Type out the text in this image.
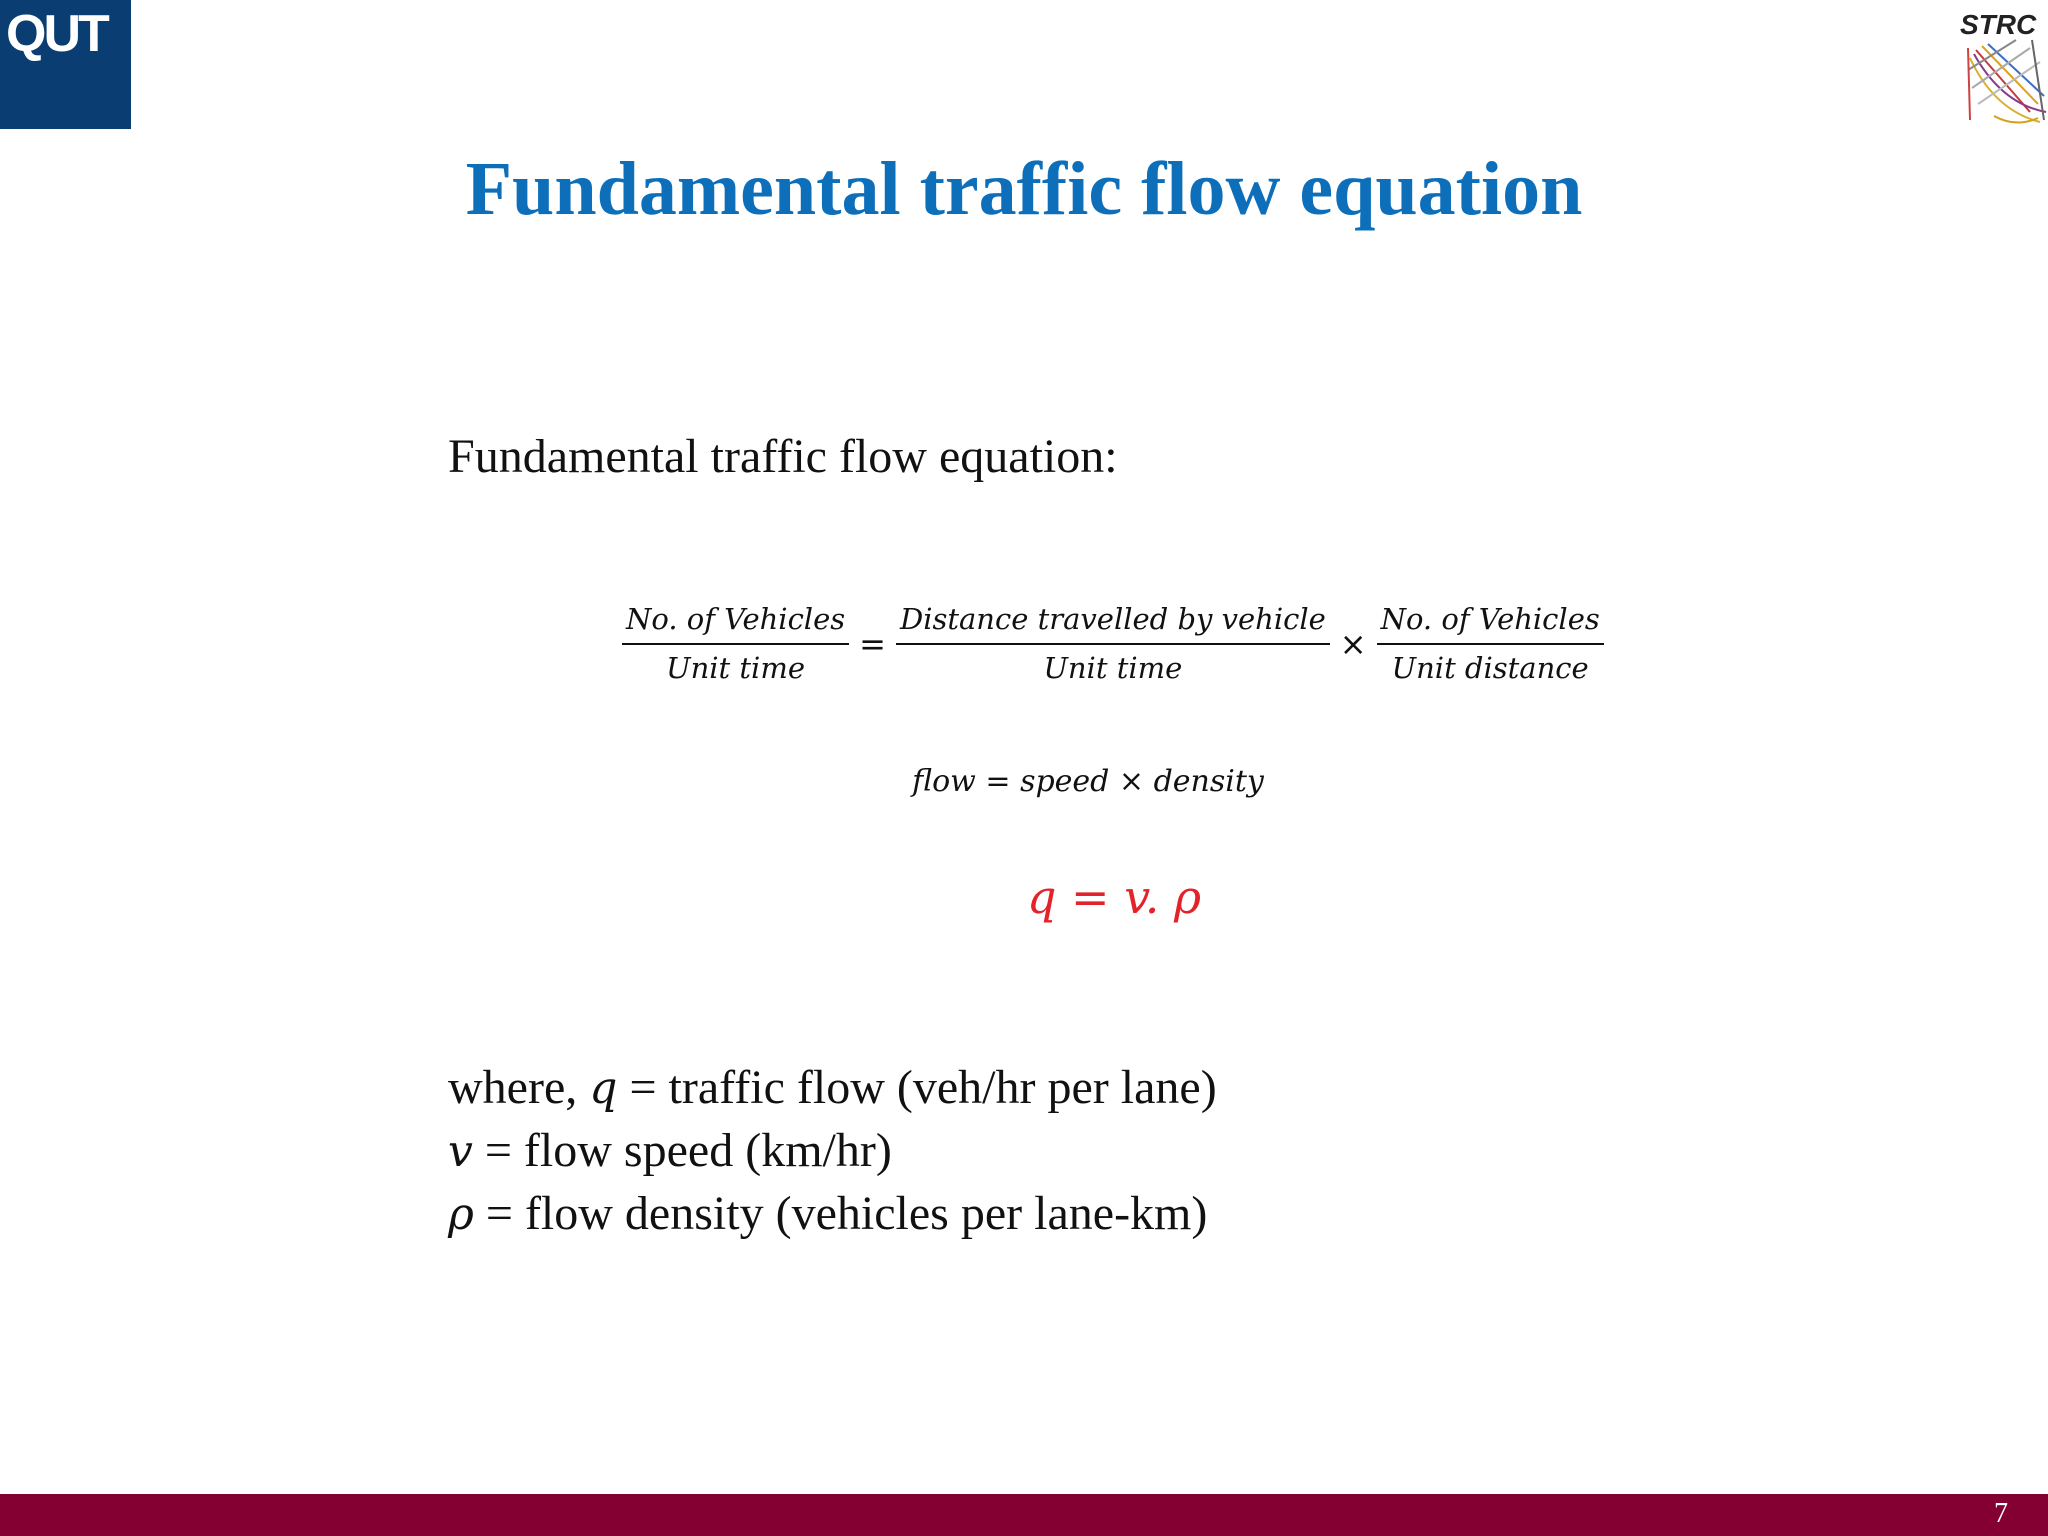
QUT	STRC
Fundamental traffic flow equation
Fundamental traffic flow equation:
$\frac{\text{No. of Vehicles}}{\text{Unit time}} = \frac{\text{Distance travelled by vehicle}}{\text{Unit time}} \times \frac{\text{No. of Vehicles}}{\text{Unit distance}}$
flow = speed × density
q = v. ρ
where, q = traffic flow (veh/hr per lane)
v = flow speed (km/hr)
ρ = flow density (vehicles per lane-km)
7
